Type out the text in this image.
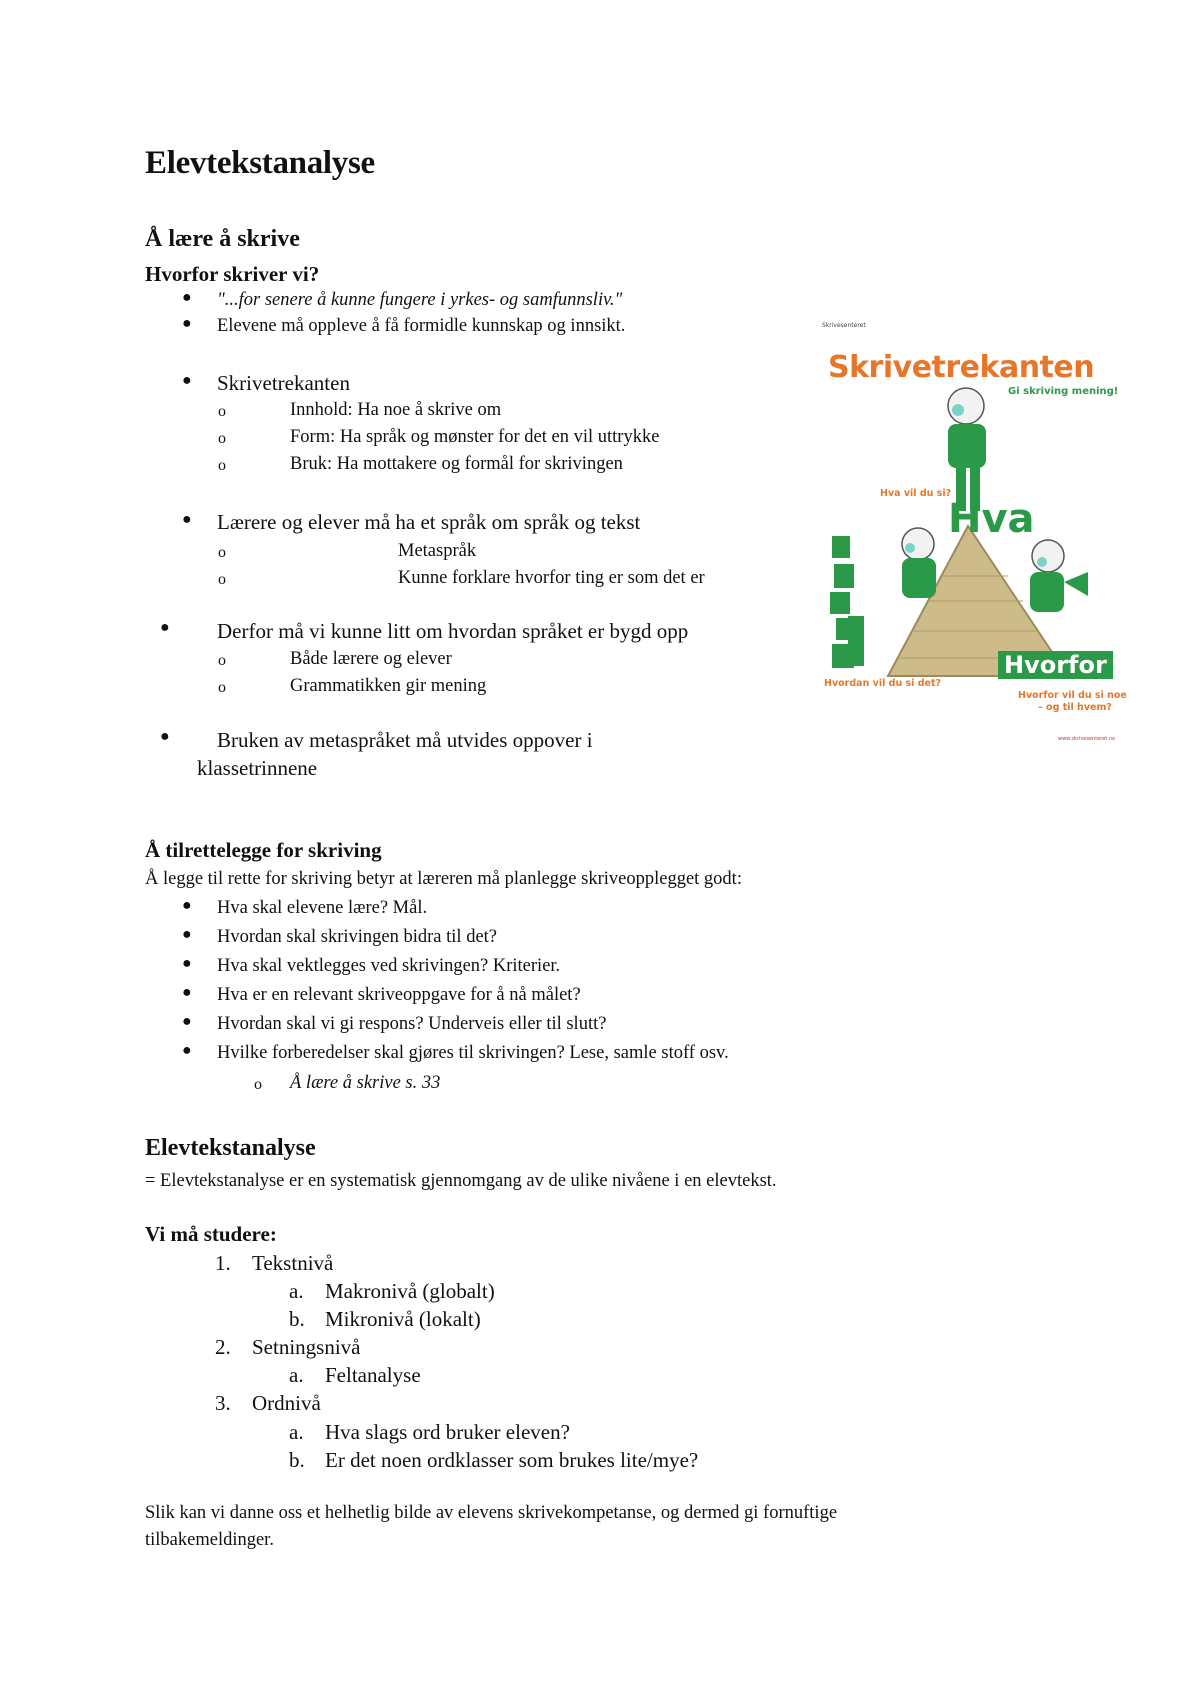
Elevtekstanalyse
Å lære å skrive
Hvorfor skriver vi?
● "...for senere å kunne fungere i yrkes- og samfunnsliv."
● Elevene må oppleve å få formidle kunnskap og innsikt.
● Skrivetrekanten
o	Innhold: Ha noe å skrive om
o	Form: Ha språk og mønster for det en vil uttrykke
o	Bruk: Ha mottakere og formål for skrivingen
● Lærere og elever må ha et språk om språk og tekst
o	Metaspråk
o	Kunne forklare hvorfor ting er som det er
● Derfor må vi kunne litt om hvordan språket er bygd opp
o	Både lærere og elever
o	Grammatikken gir mening
● Bruken av metaspråket må utvides oppover i
klassetrinnene
Skrivesenteret
Skrivetrekanten
Gi skriving mening!
Hva vil du si?
Hva
Hvordan vil du si det?
Hvorfor
Hvorfor vil du si noe
– og til hvem?
www.skrivesenteret.no
Å tilrettelegge for skriving
Å legge til rette for skriving betyr at læreren må planlegge skriveopplegget godt:
● Hva skal elevene lære? Mål.
● Hvordan skal skrivingen bidra til det?
● Hva skal vektlegges ved skrivingen? Kriterier.
● Hva er en relevant skriveoppgave for å nå målet?
● Hvordan skal vi gi respons? Underveis eller til slutt?
● Hvilke forberedelser skal gjøres til skrivingen? Lese, samle stoff osv.
o Å lære å skrive s. 33
Elevtekstanalyse
= Elevtekstanalyse er en systematisk gjennomgang av de ulike nivåene i en elevtekst.
Vi må studere:
1. Tekstnivå
a. Makronivå (globalt)
b. Mikronivå (lokalt)
2. Setningsnivå
a. Feltanalyse
3. Ordnivå
a. Hva slags ord bruker eleven?
b. Er det noen ordklasser som brukes lite/mye?
Slik kan vi danne oss et helhetlig bilde av elevens skrivekompetanse, og dermed gi fornuftige
tilbakemeldinger.
